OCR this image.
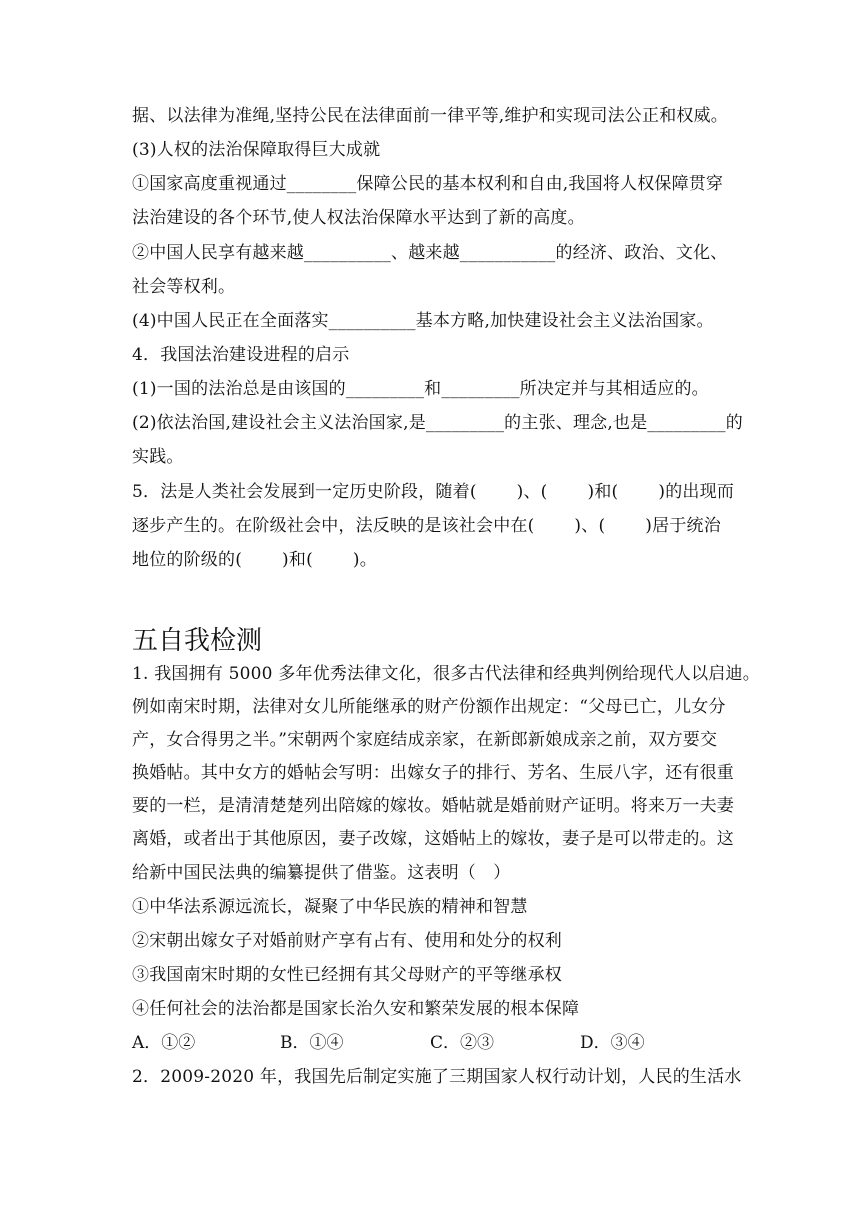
据、以法律为准绳,坚持公民在法律面前一律平等,维护和实现司法公正和权威。
(3)人权的法治保障取得巨大成就
①国家高度重视通过________保障公民的基本权利和自由,我国将人权保障贯穿
法治建设的各个环节,使人权法治保障水平达到了新的高度。
②中国人民享有越来越__________、越来越___________的经济、政治、文化、
社会等权利。
(4)中国人民正在全面落实__________基本方略,加快建设社会主义法治国家。
4．我国法治建设进程的启示
(1)一国的法治总是由该国的_________和_________所决定并与其相适应的。
(2)依法治国,建设社会主义法治国家,是_________的主张、理念,也是_________的
实践。
5．法是人类社会发展到一定历史阶段，随着(　　 )、(　　 )和(　　 )的出现而
逐步产生的。在阶级社会中，法反映的是该社会中在(　　 )、(　　 )居于统治
地位的阶级的(　　 )和(　　 )。
五自我检测
1. 我国拥有 5000 多年优秀法律文化，很多古代法律和经典判例给现代人以启迪。
例如南宋时期，法律对女儿所能继承的财产份额作出规定：“父母已亡，儿女分
产，女合得男之半。”宋朝两个家庭结成亲家，在新郎新娘成亲之前，双方要交
换婚帖。其中女方的婚帖会写明：出嫁女子的排行、芳名、生辰八字，还有很重
要的一栏，是清清楚楚列出陪嫁的嫁妆。婚帖就是婚前财产证明。将来万一夫妻
离婚，或者出于其他原因，妻子改嫁，这婚帖上的嫁妆，妻子是可以带走的。这
给新中国民法典的编纂提供了借鉴。这表明（　）
①中华法系源远流长，凝聚了中华民族的精神和智慧
②宋朝出嫁女子对婚前财产享有占有、使用和处分的权利
③我国南宋时期的女性已经拥有其父母财产的平等继承权
④任何社会的法治都是国家长治久安和繁荣发展的根本保障
A．①②	B．①④	C．②③	D．③④
2．2009-2020 年，我国先后制定实施了三期国家人权行动计划，人民的生活水
